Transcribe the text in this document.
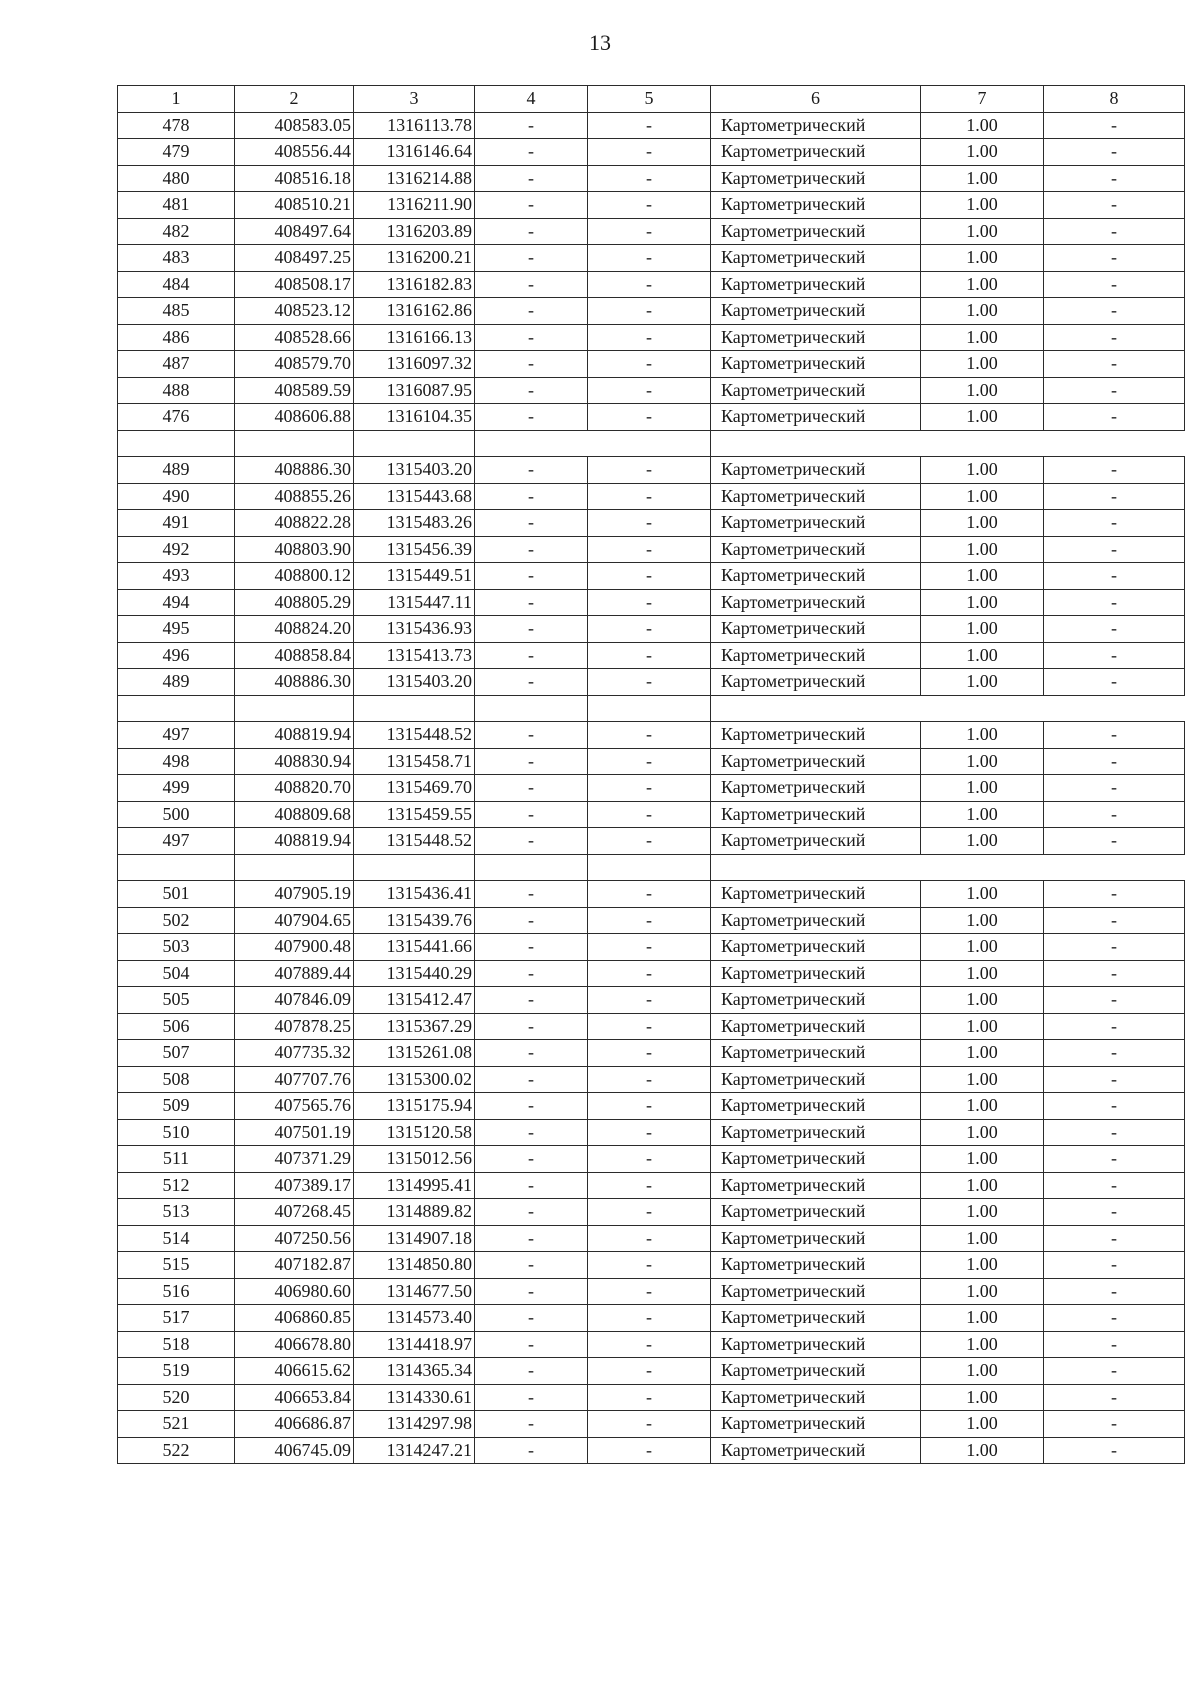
13
1	2	3	4	5	6	7	8
478	408583.05	1316113.78	-	-	Картометрический	1.00	-
479	408556.44	1316146.64	-	-	Картометрический	1.00	-
480	408516.18	1316214.88	-	-	Картометрический	1.00	-
481	408510.21	1316211.90	-	-	Картометрический	1.00	-
482	408497.64	1316203.89	-	-	Картометрический	1.00	-
483	408497.25	1316200.21	-	-	Картометрический	1.00	-
484	408508.17	1316182.83	-	-	Картометрический	1.00	-
485	408523.12	1316162.86	-	-	Картометрический	1.00	-
486	408528.66	1316166.13	-	-	Картометрический	1.00	-
487	408579.70	1316097.32	-	-	Картометрический	1.00	-
488	408589.59	1316087.95	-	-	Картометрический	1.00	-
476	408606.88	1316104.35	-	-	Картометрический	1.00	-

489	408886.30	1315403.20	-	-	Картометрический	1.00	-
490	408855.26	1315443.68	-	-	Картометрический	1.00	-
491	408822.28	1315483.26	-	-	Картометрический	1.00	-
492	408803.90	1315456.39	-	-	Картометрический	1.00	-
493	408800.12	1315449.51	-	-	Картометрический	1.00	-
494	408805.29	1315447.11	-	-	Картометрический	1.00	-
495	408824.20	1315436.93	-	-	Картометрический	1.00	-
496	408858.84	1315413.73	-	-	Картометрический	1.00	-
489	408886.30	1315403.20	-	-	Картометрический	1.00	-

497	408819.94	1315448.52	-	-	Картометрический	1.00	-
498	408830.94	1315458.71	-	-	Картометрический	1.00	-
499	408820.70	1315469.70	-	-	Картометрический	1.00	-
500	408809.68	1315459.55	-	-	Картометрический	1.00	-
497	408819.94	1315448.52	-	-	Картометрический	1.00	-

501	407905.19	1315436.41	-	-	Картометрический	1.00	-
502	407904.65	1315439.76	-	-	Картометрический	1.00	-
503	407900.48	1315441.66	-	-	Картометрический	1.00	-
504	407889.44	1315440.29	-	-	Картометрический	1.00	-
505	407846.09	1315412.47	-	-	Картометрический	1.00	-
506	407878.25	1315367.29	-	-	Картометрический	1.00	-
507	407735.32	1315261.08	-	-	Картометрический	1.00	-
508	407707.76	1315300.02	-	-	Картометрический	1.00	-
509	407565.76	1315175.94	-	-	Картометрический	1.00	-
510	407501.19	1315120.58	-	-	Картометрический	1.00	-
511	407371.29	1315012.56	-	-	Картометрический	1.00	-
512	407389.17	1314995.41	-	-	Картометрический	1.00	-
513	407268.45	1314889.82	-	-	Картометрический	1.00	-
514	407250.56	1314907.18	-	-	Картометрический	1.00	-
515	407182.87	1314850.80	-	-	Картометрический	1.00	-
516	406980.60	1314677.50	-	-	Картометрический	1.00	-
517	406860.85	1314573.40	-	-	Картометрический	1.00	-
518	406678.80	1314418.97	-	-	Картометрический	1.00	-
519	406615.62	1314365.34	-	-	Картометрический	1.00	-
520	406653.84	1314330.61	-	-	Картометрический	1.00	-
521	406686.87	1314297.98	-	-	Картометрический	1.00	-
522	406745.09	1314247.21	-	-	Картометрический	1.00	-
